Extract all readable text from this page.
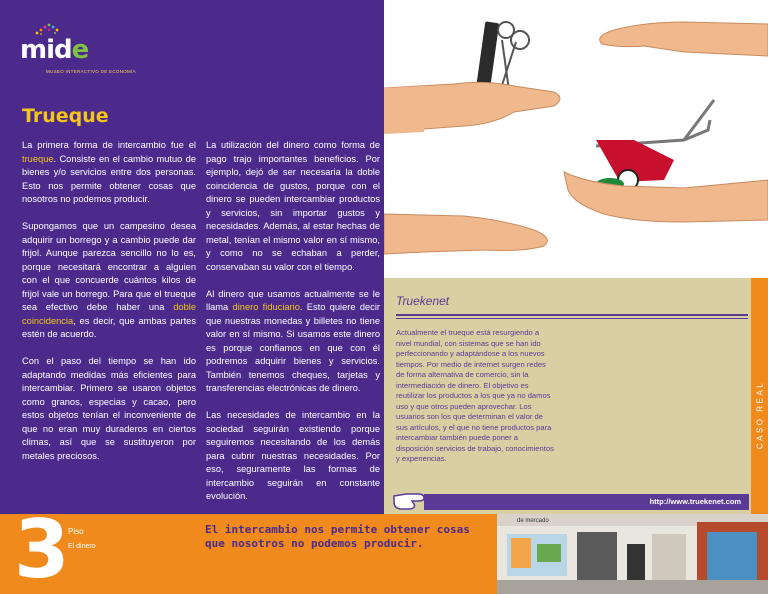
mide
MUSEO INTERACTIVO DE ECONOMÍA
Trueque

La primera forma de intercambio fue el trueque. Consiste en el cambio mutuo de bienes y/o servicios entre dos personas. Esto nos permite obtener cosas que nosotros no podemos producir.

Supongamos que un campesino desea adquirir un borrego y a cambio puede dar frijol. Aunque parezca sencillo no lo es, porque necesitará encontrar a alguien con el que concuerde cuántos kilos de frijol vale un borrego. Para que el trueque sea efectivo debe haber una doble coincidencia, es decir, que ambas partes estén de acuerdo.

Con el paso del tiempo se han ido adaptando medidas más eficientes para intercambiar. Primero se usaron objetos como granos, especias y cacao, pero estos objetos tenían el inconveniente de que no eran muy duraderos en ciertos climas, así que se sustituyeron por metales preciosos.

La utilización del dinero como forma de pago trajo importantes beneficios. Por ejemplo, dejó de ser necesaria la doble coincidencia de gustos, porque con el dinero se pueden intercambiar productos y servicios, sin importar gustos y necesidades. Además, al estar hechas de metal, tenían el mismo valor en sí mismo, y como no se echaban a perder, conservaban su valor con el tiempo.

Al dinero que usamos actualmente se le llama dinero fiduciario. Esto quiere decir que nuestras monedas y billetes no tiene valor en sí mismo. Si usamos este dinero es porque confiamos en que con él podremos adquirir bienes y servicios. También tenemos cheques, tarjetas y transferencias electrónicas de dinero.

Las necesidades de intercambio en la sociedad seguirán existiendo porque seguiremos necesitando de los demás para cubrir nuestras necesidades. Por eso, seguramente las formas de intercambio seguirán en constante evolución.

Truekenet
Actualmente el trueque está resurgiendo a nivel mundial, con sistemas que se han ido perfeccionando y adaptándose a los nuevos tiempos. Por medio de internet surgen redes de forma alternativa de comercio, sin la intermediación de dinero. El objetivo es reutilizar los productos a los que ya no damos uso y que otros pueden aprovechar. Los usuarios son los que determinan el valor de sus artículos, y el que no tiene productos para intercambiar también puede poner a disposición servicios de trabajo, conocimientos y experiencias.
http://www.truekenet.com
CASO REAL
3
Piso
El dinero
El intercambio nos permite obtener cosas que nosotros no podemos producir.
de mercado
